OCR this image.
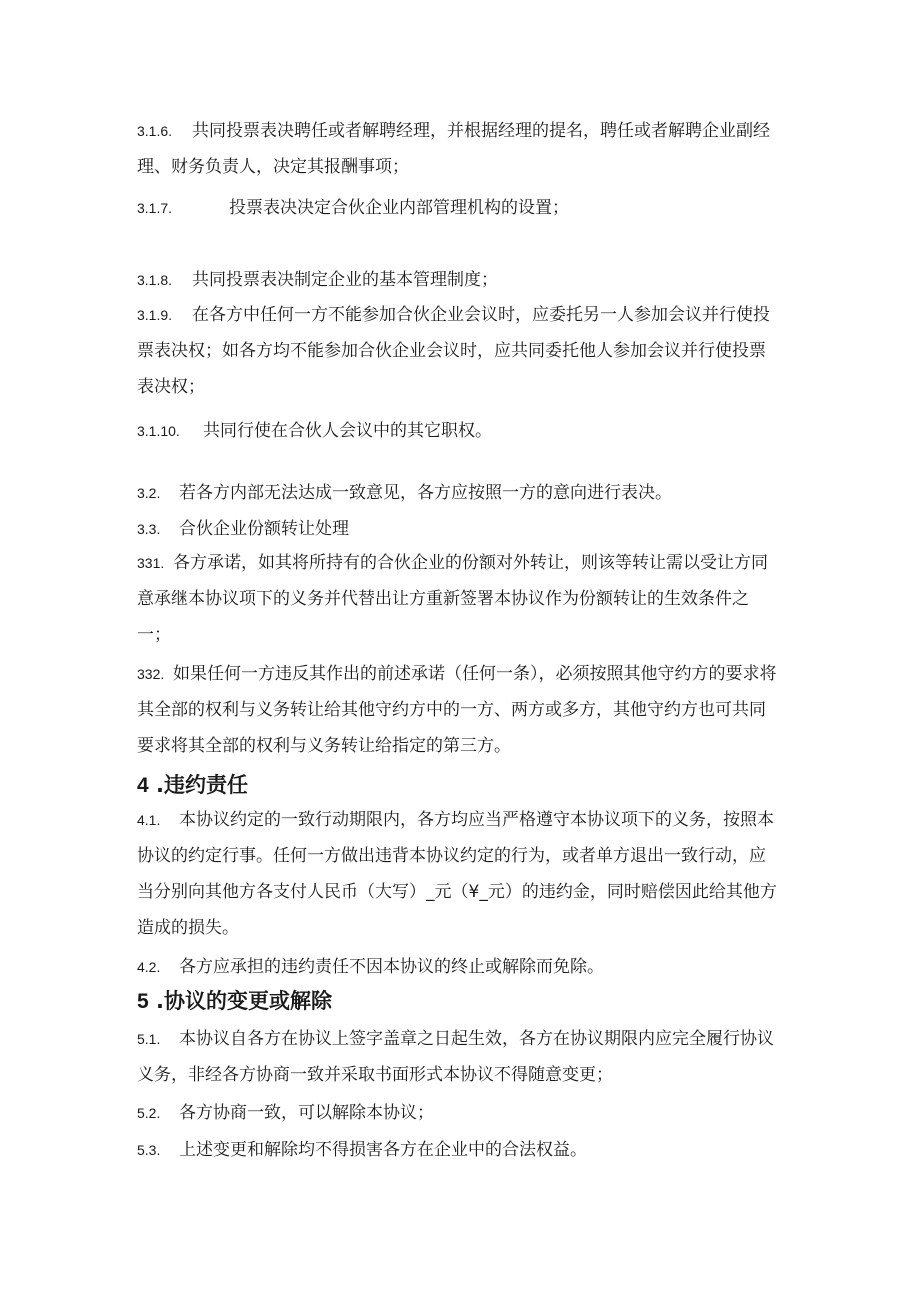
3.1.6. 共同投票表决聘任或者解聘经理，并根据经理的提名，聘任或者解聘企业副经理、财务负责人，决定其报酬事项；
3.1.7.	投票表决决定合伙企业内部管理机构的设置；
3.1.8. 共同投票表决制定企业的基本管理制度；
3.1.9. 在各方中任何一方不能参加合伙企业会议时，应委托另一人参加会议并行使投票表决权；如各方均不能参加合伙企业会议时，应共同委托他人参加会议并行使投票表决权；
3.1.10. 共同行使在合伙人会议中的其它职权。
3.2. 若各方内部无法达成一致意见，各方应按照一方的意向进行表决。
3.3. 合伙企业份额转让处理
331. 各方承诺，如其将所持有的合伙企业的份额对外转让，则该等转让需以受让方同意承继本协议项下的义务并代替出让方重新签署本协议作为份额转让的生效条件之一；
332. 如果任何一方违反其作出的前述承诺（任何一条），必须按照其他守约方的要求将其全部的权利与义务转让给其他守约方中的一方、两方或多方，其他守约方也可共同要求将其全部的权利与义务转让给指定的第三方。
4 .违约责任
4.1. 本协议约定的一致行动期限内，各方均应当严格遵守本协议项下的义务，按照本协议的约定行事。任何一方做出违背本协议约定的行为，或者单方退出一致行动，应当分别向其他方各支付人民币（大写）_元（¥_元）的违约金，同时赔偿因此给其他方造成的损失。
4.2. 各方应承担的违约责任不因本协议的终止或解除而免除。
5 .协议的变更或解除
5.1. 本协议自各方在协议上签字盖章之日起生效，各方在协议期限内应完全履行协议义务，非经各方协商一致并采取书面形式本协议不得随意变更；
5.2. 各方协商一致，可以解除本协议；
5.3. 上述变更和解除均不得损害各方在企业中的合法权益。
